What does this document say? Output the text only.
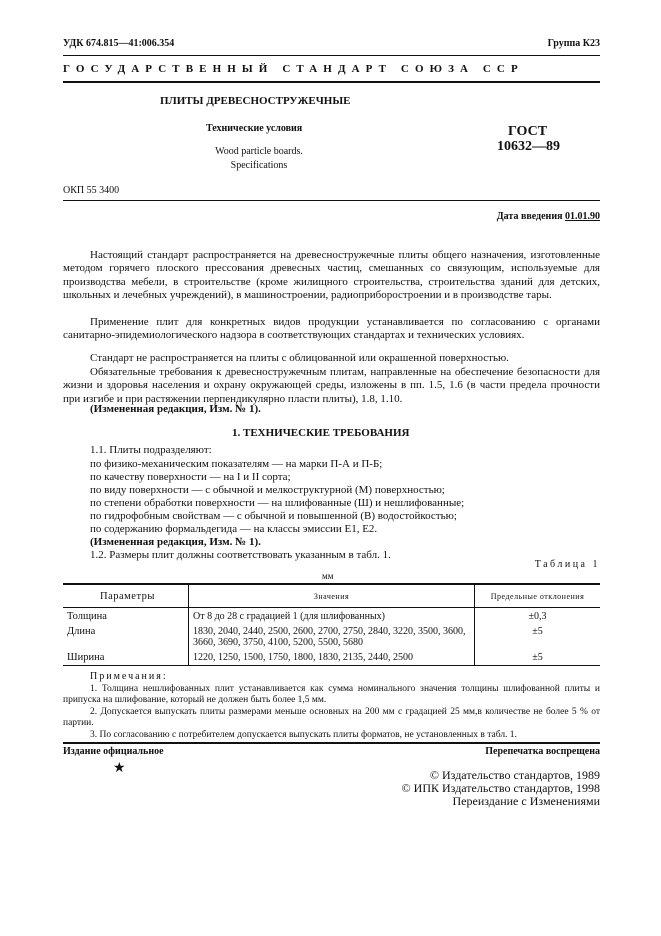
УДК 674.815—41:006.354	Группа К23
ГОСУДАРСТВЕННЫЙ СТАНДАРТ СОЮЗА ССР
ПЛИТЫ ДРЕВЕСНОСТРУЖЕЧНЫЕ
Технические условия
Wood particle boards.
Specifications
ГОСТ
10632—89
ОКП 55 3400
Дата введения 01.01.90
Настоящий стандарт распространяется на древесностружечные плиты общего назначения, изготовленные методом горячего плоского прессования древесных частиц, смешанных со связующим, используемые для производства мебели, в строительстве (кроме жилищного строительства, строительства зданий для детских, школьных и лечебных учреждений), в машиностроении, радиоприборостроении и в производстве тары.
Применение плит для конкретных видов продукции устанавливается по согласованию с органами санитарно-эпидемиологического надзора в соответствующих стандартах и технических условиях.
Стандарт не распространяется на плиты с облицованной или окрашенной поверхностью.
Обязательные требования к древесностружечным плитам, направленные на обеспечение безопасности для жизни и здоровья населения и охрану окружающей среды, изложены в пп. 1.5, 1.6 (в части предела прочности при изгибе и при растяжении перпендикулярно пласти плиты), 1.8, 1.10.
(Измененная редакция, Изм. № 1).
1. ТЕХНИЧЕСКИЕ ТРЕБОВАНИЯ
1.1. Плиты подразделяют:
по физико-механическим показателям — на марки П-А и П-Б;
по качеству поверхности — на I и II сорта;
по виду поверхности — с обычной и мелкоструктурной (М) поверхностью;
по степени обработки поверхности — на шлифованные (Ш) и нешлифованные;
по гидрофобным свойствам — с обычной и повышенной (В) водостойкостью;
по содержанию формальдегида — на классы эмиссии Е1, Е2.
(Измененная редакция, Изм. № 1).
1.2. Размеры плит должны соответствовать указанным в табл. 1.
Таблица 1
мм
Параметры	Значения	Предельные отклонения
Толщина	От 8 до 28 с градацией 1 (для шлифованных)	±0,3
Длина	1830, 2040, 2440, 2500, 2600, 2700, 2750, 2840, 3220, 3500, 3600, 3660, 3690, 3750, 4100, 5200, 5500, 5680	±5
Ширина	1220, 1250, 1500, 1750, 1800, 1830, 2135, 2440, 2500	±5
Примечания:
1. Толщина нешлифованных плит устанавливается как сумма номинального значения толщины шлифованной плиты и припуска на шлифование, который не должен быть более 1,5 мм.
2. Допускается выпускать плиты размерами меньше основных на 200 мм с градацией 25 мм,в количестве не более 5 % от партии.
3. По согласованию с потребителем допускается выпускать плиты форматов, не установленных в табл. 1.
Издание официальное	Перепечатка воспрещена
★	© Издательство стандартов, 1989
© ИПК Издательство стандартов, 1998
Переиздание с Изменениями
